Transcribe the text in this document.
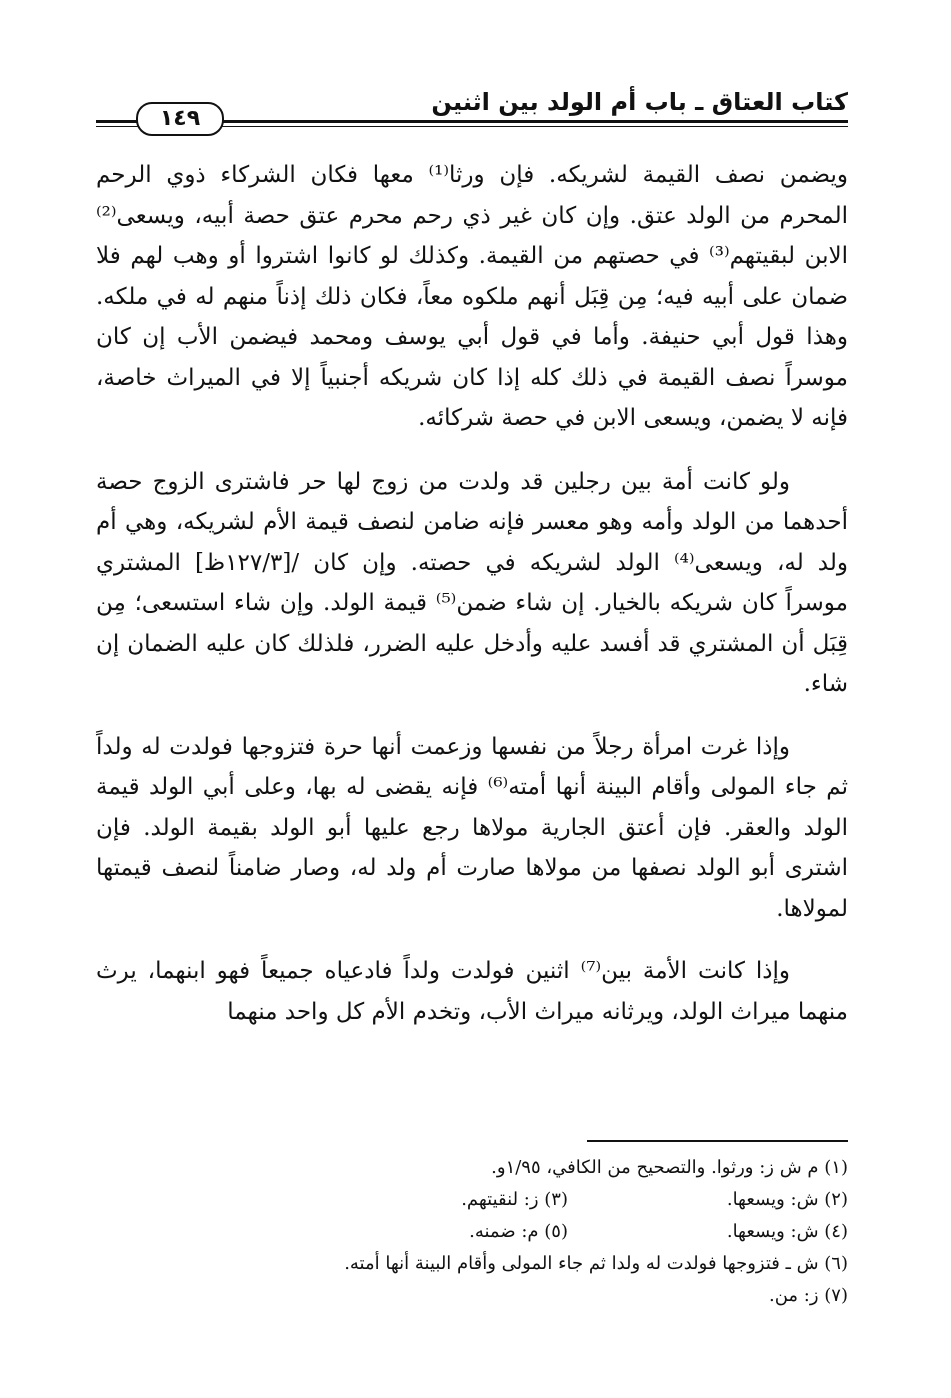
كتاب العتاق ـ باب أم الولد بين اثنين
١٤٩

ويضمن نصف القيمة لشريكه. فإن ورثا⁽¹⁾ معها فكان الشركاء ذوي الرحم المحرم من الولد عتق. وإن كان غير ذي رحم محرم عتق حصة أبيه، ويسعى⁽²⁾ الابن لبقيتهم⁽³⁾ في حصتهم من القيمة. وكذلك لو كانوا اشتروا أو وهب لهم فلا ضمان على أبيه فيه؛ مِن قِبَل أنهم ملكوه معاً، فكان ذلك إذناً منهم له في ملكه. وهذا قول أبي حنيفة. وأما في قول أبي يوسف ومحمد فيضمن الأب إن كان موسراً نصف القيمة في ذلك كله إذا كان شريكه أجنبياً إلا في الميراث خاصة، فإنه لا يضمن، ويسعى الابن في حصة شركائه.

ولو كانت أمة بين رجلين قد ولدت من زوج لها حر فاشترى الزوج حصة أحدهما من الولد وأمه وهو معسر فإنه ضامن لنصف قيمة الأم لشريكه، وهي أم ولد له، ويسعى⁽⁴⁾ الولد لشريكه في حصته. وإن كان /[١٢٧/٣ظ] المشتري موسراً كان شريكه بالخيار. إن شاء ضمن⁽⁵⁾ قيمة الولد. وإن شاء استسعى؛ مِن قِبَل أن المشتري قد أفسد عليه وأدخل عليه الضرر، فلذلك كان عليه الضمان إن شاء.

وإذا غرت امرأة رجلاً من نفسها وزعمت أنها حرة فتزوجها فولدت له ولداً ثم جاء المولى وأقام البينة أنها أمته⁽⁶⁾ فإنه يقضى له بها، وعلى أبي الولد قيمة الولد والعقر. فإن أعتق الجارية مولاها رجع عليها أبو الولد بقيمة الولد. فإن اشترى أبو الولد نصفها من مولاها صارت أم ولد له، وصار ضامناً لنصف قيمتها لمولاها.

وإذا كانت الأمة بين⁽⁷⁾ اثنين فولدت ولداً فادعياه جميعاً فهو ابنهما، يرث منهما ميراث الولد، ويرثانه ميراث الأب، وتخدم الأم كل واحد منهما

(١) م ش ز: ورثوا. والتصحيح من الكافي، ١/٩٥و.
(٢) ش: ويسعها.(٣) ز: لنقيتهم.
(٤) ش: ويسعها.(٥) م: ضمنه.
(٦) ش ـ فتزوجها فولدت له ولدا ثم جاء المولى وأقام البينة أنها أمته.
(٧) ز: من.
